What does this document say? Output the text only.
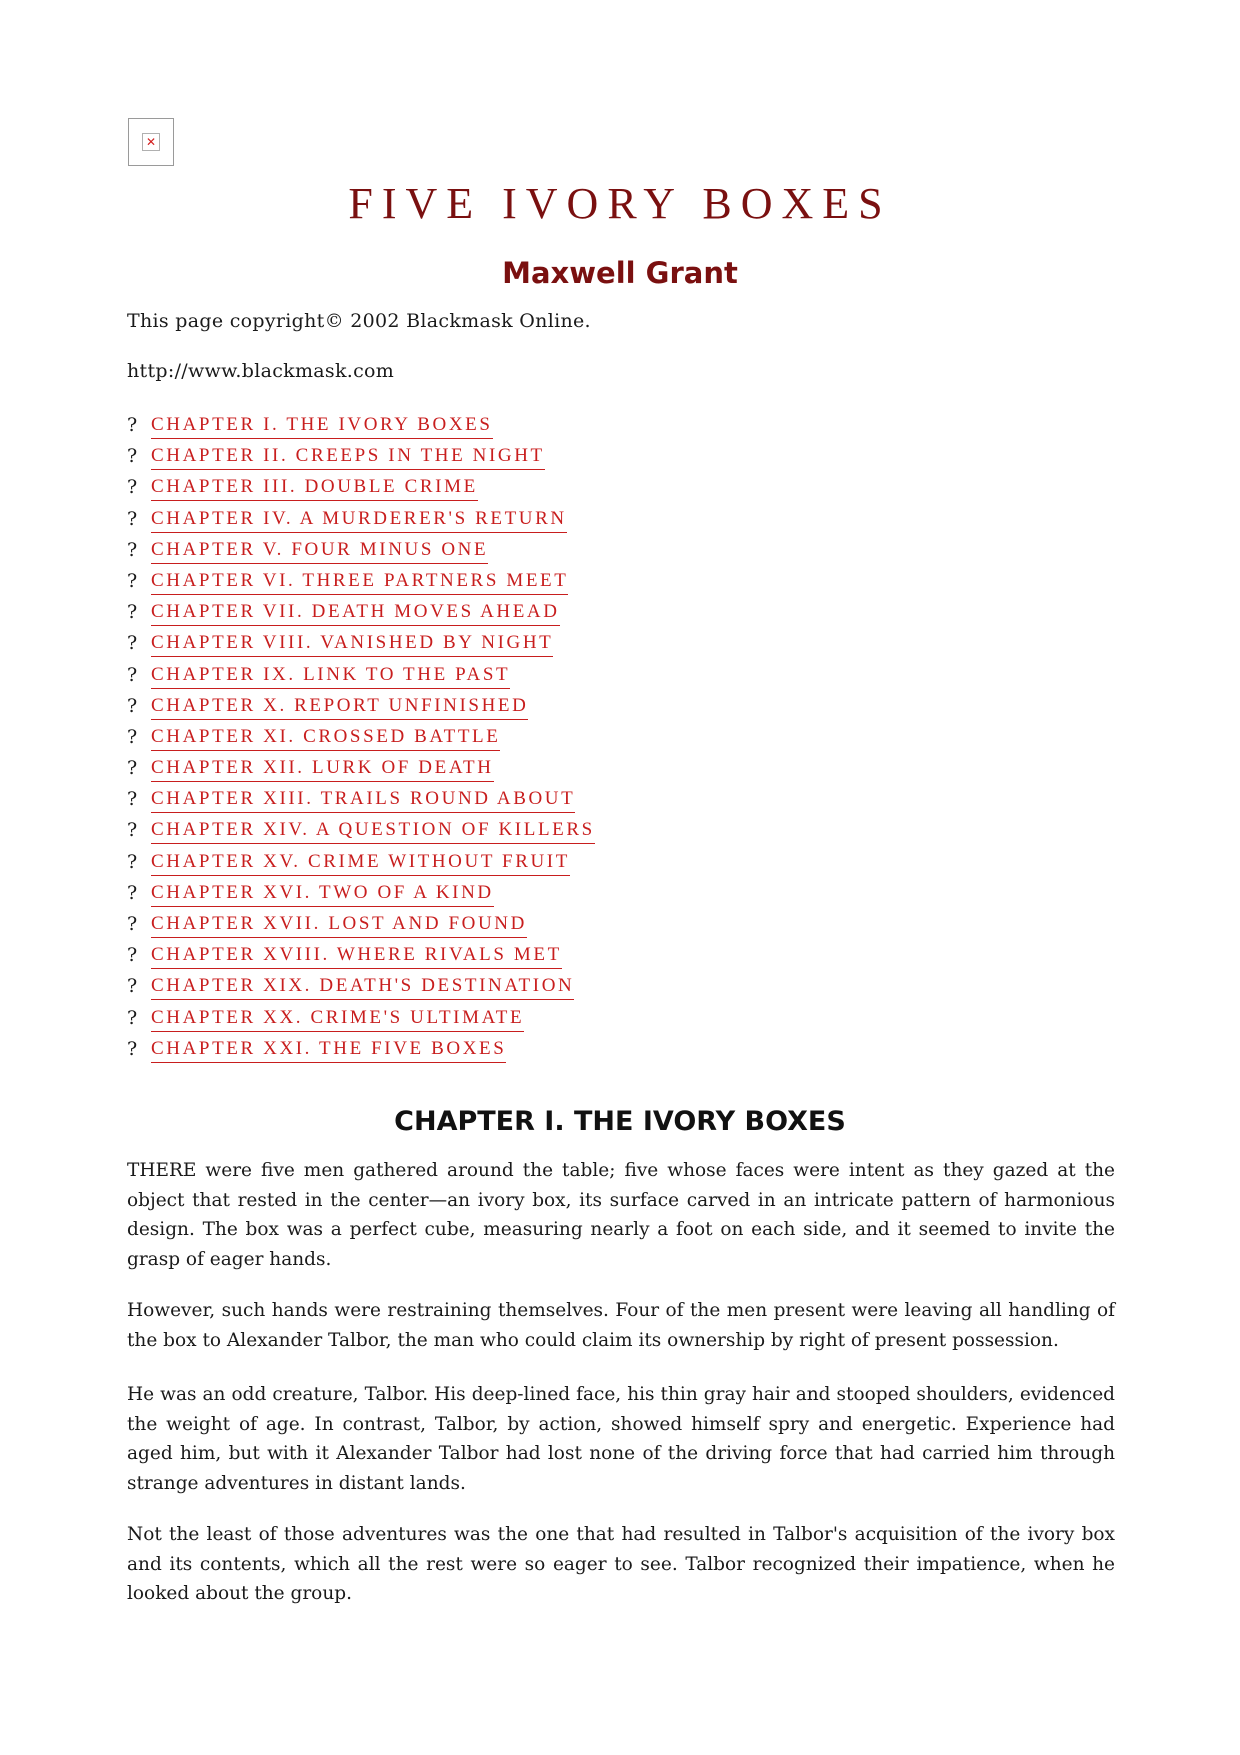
✕
FIVE IVORY BOXES
Maxwell Grant

This page copyright© 2002 Blackmask Online.

http://www.blackmask.com

? CHAPTER I. THE IVORY BOXES
? CHAPTER II. CREEPS IN THE NIGHT
? CHAPTER III. DOUBLE CRIME
? CHAPTER IV. A MURDERER'S RETURN
? CHAPTER V. FOUR MINUS ONE
? CHAPTER VI. THREE PARTNERS MEET
? CHAPTER VII. DEATH MOVES AHEAD
? CHAPTER VIII. VANISHED BY NIGHT
? CHAPTER IX. LINK TO THE PAST
? CHAPTER X. REPORT UNFINISHED
? CHAPTER XI. CROSSED BATTLE
? CHAPTER XII. LURK OF DEATH
? CHAPTER XIII. TRAILS ROUND ABOUT
? CHAPTER XIV. A QUESTION OF KILLERS
? CHAPTER XV. CRIME WITHOUT FRUIT
? CHAPTER XVI. TWO OF A KIND
? CHAPTER XVII. LOST AND FOUND
? CHAPTER XVIII. WHERE RIVALS MET
? CHAPTER XIX. DEATH'S DESTINATION
? CHAPTER XX. CRIME'S ULTIMATE
? CHAPTER XXI. THE FIVE BOXES
CHAPTER I. THE IVORY BOXES

THERE were five men gathered around the table; five whose faces were intent as they gazed at the object that rested in the center—an ivory box, its surface carved in an intricate pattern of harmonious design. The box was a perfect cube, measuring nearly a foot on each side, and it seemed to invite the grasp of eager hands.

However, such hands were restraining themselves. Four of the men present were leaving all handling of the box to Alexander Talbor, the man who could claim its ownership by right of present possession.

He was an odd creature, Talbor. His deep-lined face, his thin gray hair and stooped shoulders, evidenced the weight of age. In contrast, Talbor, by action, showed himself spry and energetic. Experience had aged him, but with it Alexander Talbor had lost none of the driving force that had carried him through strange adventures in distant lands.

Not the least of those adventures was the one that had resulted in Talbor's acquisition of the ivory box and its contents, which all the rest were so eager to see. Talbor recognized their impatience, when he looked about the group.
